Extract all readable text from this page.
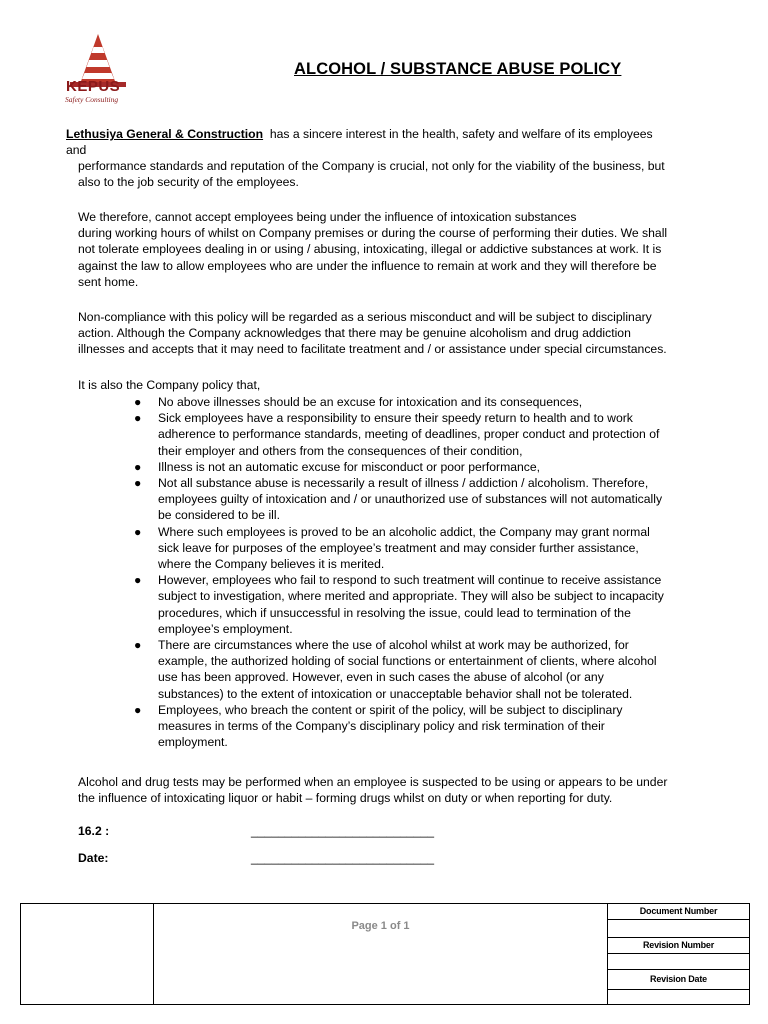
KEPUS
Safety Consulting
ALCOHOL / SUBSTANCE ABUSE POLICY
Lethusiya General & Construction has a sincere interest in the health, safety and welfare of its employees
and
performance standards and reputation of the Company is crucial, not only for the viability of the business, but
also to the job security of the employees.
We therefore, cannot accept employees being under the influence of intoxication substances
during working hours of whilst on Company premises or during the course of performing their duties. We shall
not tolerate employees dealing in or using / abusing, intoxicating, illegal or addictive substances at work. It is
against the law to allow employees who are under the influence to remain at work and they will therefore be
sent home.
Non-compliance with this policy will be regarded as a serious misconduct and will be subject to disciplinary
action. Although the Company acknowledges that there may be genuine alcoholism and drug addiction
illnesses and accepts that it may need to facilitate treatment and / or assistance under special circumstances.
It is also the Company policy that,
● No above illnesses should be an excuse for intoxication and its consequences,
● Sick employees have a responsibility to ensure their speedy return to health and to work
adherence to performance standards, meeting of deadlines, proper conduct and protection of
their employer and others from the consequences of their condition,
● Illness is not an automatic excuse for misconduct or poor performance,
● Not all substance abuse is necessarily a result of illness / addiction / alcoholism. Therefore,
employees guilty of intoxication and / or unauthorized use of substances will not automatically
be considered to be ill.
● Where such employees is proved to be an alcoholic addict, the Company may grant normal
sick leave for purposes of the employee’s treatment and may consider further assistance,
where the Company believes it is merited.
● However, employees who fail to respond to such treatment will continue to receive assistance
subject to investigation, where merited and appropriate. They will also be subject to incapacity
procedures, which if unsuccessful in resolving the issue, could lead to termination of the
employee’s employment.
● There are circumstances where the use of alcohol whilst at work may be authorized, for
example, the authorized holding of social functions or entertainment of clients, where alcohol
use has been approved. However, even in such cases the abuse of alcohol (or any
substances) to the extent of intoxication or unacceptable behavior shall not be tolerated.
● Employees, who breach the content or spirit of the policy, will be subject to disciplinary
measures in terms of the Company’s disciplinary policy and risk termination of their
employment.
Alcohol and drug tests may be performed when an employee is suspected to be using or appears to be under
the influence of intoxicating liquor or habit – forming drugs whilst on duty or when reporting for duty.
16.2 :	___________________________
Date:	___________________________
Page 1 of 1
Document Number
Revision Number
Revision Date
